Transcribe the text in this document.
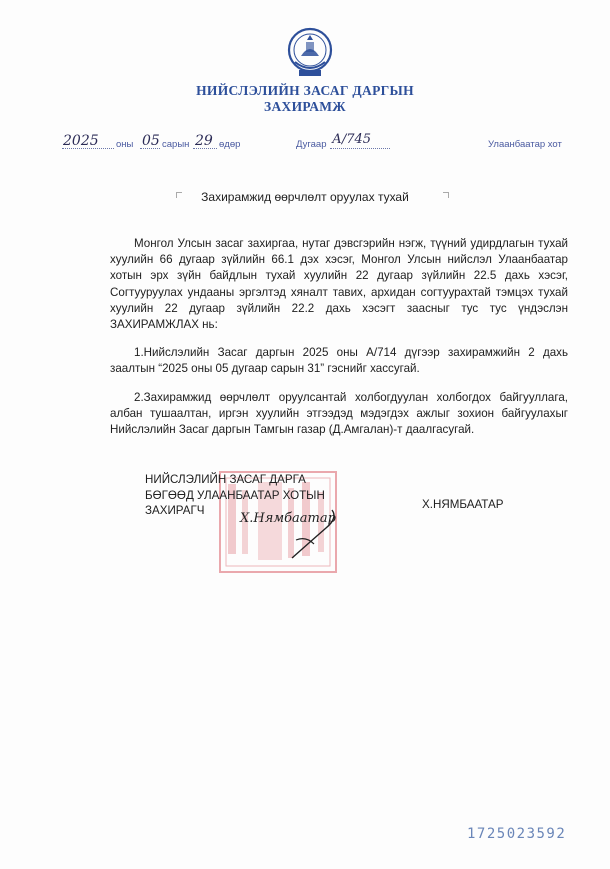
НИЙСЛЭЛИЙН ЗАСАГ ДАРГЫН
ЗАХИРАМЖ
2025 оны 05 сарын 29 өдөр	Дугаар А/745	Улаанбаатар хот
Захирамжид өөрчлөлт оруулах тухай

Монгол Улсын засаг захиргаа, нутаг дэвсгэрийн нэгж, түүний удирдлагын тухай хуулийн 66 дугаар зүйлийн 66.1 дэх хэсэг, Монгол Улсын нийслэл Улаанбаатар хотын эрх зүйн байдлын тухай хуулийн 22 дугаар зүйлийн 22.5 дахь хэсэг, Согтууруулах ундааны эргэлтэд хяналт тавих, архидан согтуурахтай тэмцэх тухай хуулийн 22 дугаар зүйлийн 22.2 дахь хэсэгт заасныг тус тус үндэслэн ЗАХИРАМЖЛАХ нь:

1.Нийслэлийн Засаг даргын 2025 оны А/714 дүгээр захирамжийн 2 дахь заалтын “2025 оны 05 дугаар сарын 31” гэснийг хассугай.

2.Захирамжид өөрчлөлт оруулсантай холбогдуулан холбогдох байгууллага, албан тушаалтан, иргэн хуулийн этгээдэд мэдэгдэх ажлыг зохион байгуулахыг Нийслэлийн Засаг даргын Тамгын газар (Д.Амгалан)-т даалгасугай.

НИЙСЛЭЛИЙН ЗАСАГ ДАРГА
БӨГӨӨД УЛААНБААТАР ХОТЫН
ЗАХИРАГЧ
Х.Нямбаатар
Х.НЯМБААТАР
1725023592
